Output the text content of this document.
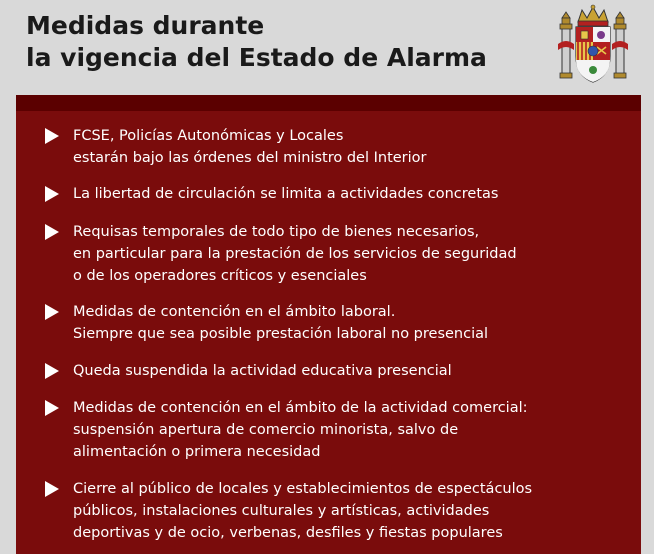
Medidas durante
la vigencia del Estado de Alarma
FCSE, Policías Autonómicas y Locales
estarán bajo las órdenes del ministro del Interior
La libertad de circulación se limita a actividades concretas
Requisas temporales de todo tipo de bienes necesarios,
en particular para la prestación de los servicios de seguridad
o de los operadores críticos y esenciales
Medidas de contención en el ámbito laboral.
Siempre que sea posible prestación laboral no presencial
Queda suspendida la actividad educativa presencial
Medidas de contención en el ámbito de la actividad comercial:
suspensión apertura de comercio minorista, salvo de
alimentación o primera necesidad
Cierre al público de locales y establecimientos de espectáculos
públicos, instalaciones culturales y artísticas, actividades
deportivas y de ocio, verbenas, desfiles y fiestas populares
